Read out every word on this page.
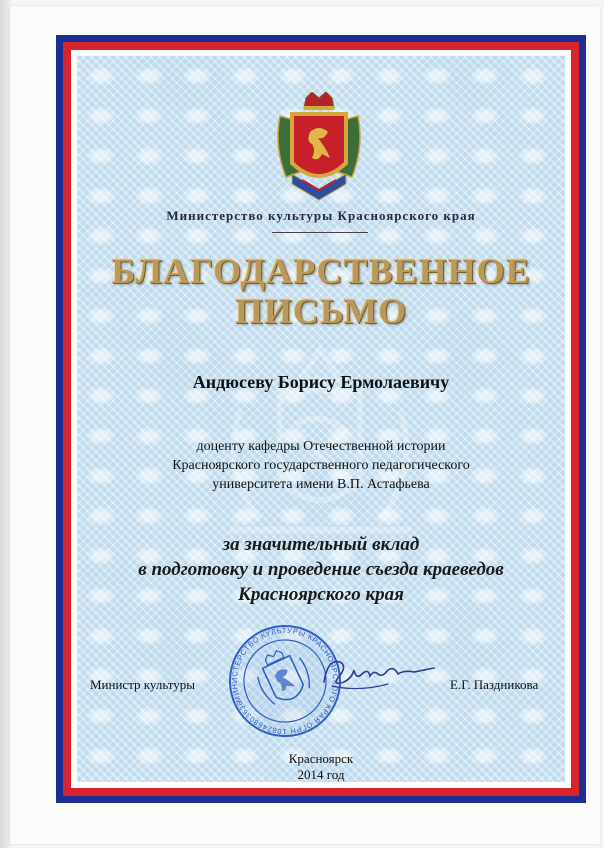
Министерство культуры Красноярского края
БЛАГОДАРСТВЕННОЕ
ПИСЬМО
Андюсеву Борису Ермолаевичу
доценту кафедры Отечественной истории
Красноярского государственного педагогического
университета имени В.П. Астафьева
за значительный вклад
в подготовку и проведение съезда краеведов
Красноярского края
Министр культуры	Е.Г. Паздникова
МИНИСТЕРСТВО КУЛЬТУРЫ КРАСНОЯРСКОГО КРАЯ ОГРН 1082468036362
Красноярск
2014 год
